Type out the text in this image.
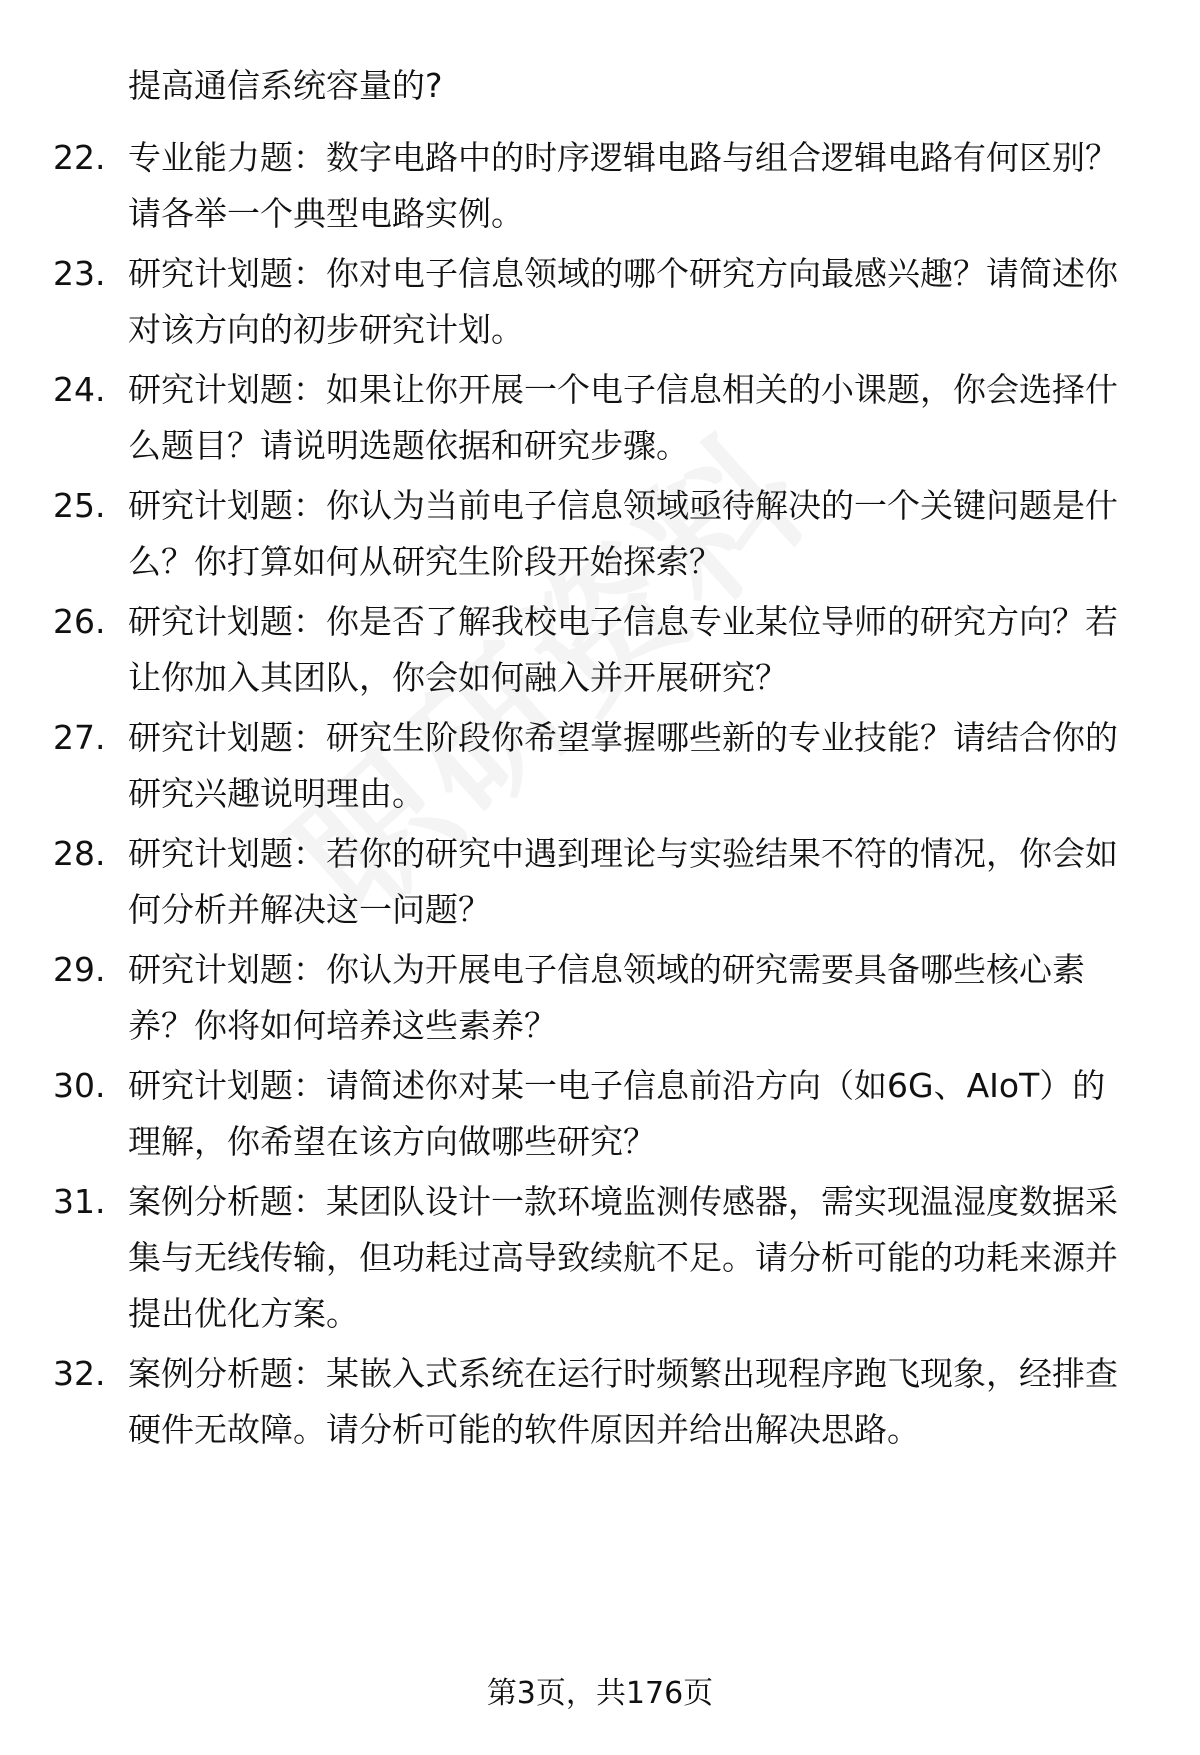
提高通信系统容量的?
22. 专业能力题：数字电路中的时序逻辑电路与组合逻辑电路有何区别？请各举一个典型电路实例。
23. 研究计划题：你对电子信息领域的哪个研究方向最感兴趣？请简述你对该方向的初步研究计划。
24. 研究计划题：如果让你开展一个电子信息相关的小课题，你会选择什么题目？请说明选题依据和研究步骤。
25. 研究计划题：你认为当前电子信息领域亟待解决的一个关键问题是什么？你打算如何从研究生阶段开始探索？
26. 研究计划题：你是否了解我校电子信息专业某位导师的研究方向？若让你加入其团队，你会如何融入并开展研究？
27. 研究计划题：研究生阶段你希望掌握哪些新的专业技能？请结合你的研究兴趣说明理由。
28. 研究计划题：若你的研究中遇到理论与实验结果不符的情况，你会如何分析并解决这一问题？
29. 研究计划题：你认为开展电子信息领域的研究需要具备哪些核心素养？你将如何培养这些素养？
30. 研究计划题：请简述你对某一电子信息前沿方向（如6G、AIoT）的理解，你希望在该方向做哪些研究？
31. 案例分析题：某团队设计一款环境监测传感器，需实现温湿度数据采集与无线传输，但功耗过高导致续航不足。请分析可能的功耗来源并提出优化方案。
32. 案例分析题：某嵌入式系统在运行时频繁出现程序跑飞现象，经排查硬件无故障。请分析可能的软件原因并给出解决思路。
第3页，共176页
